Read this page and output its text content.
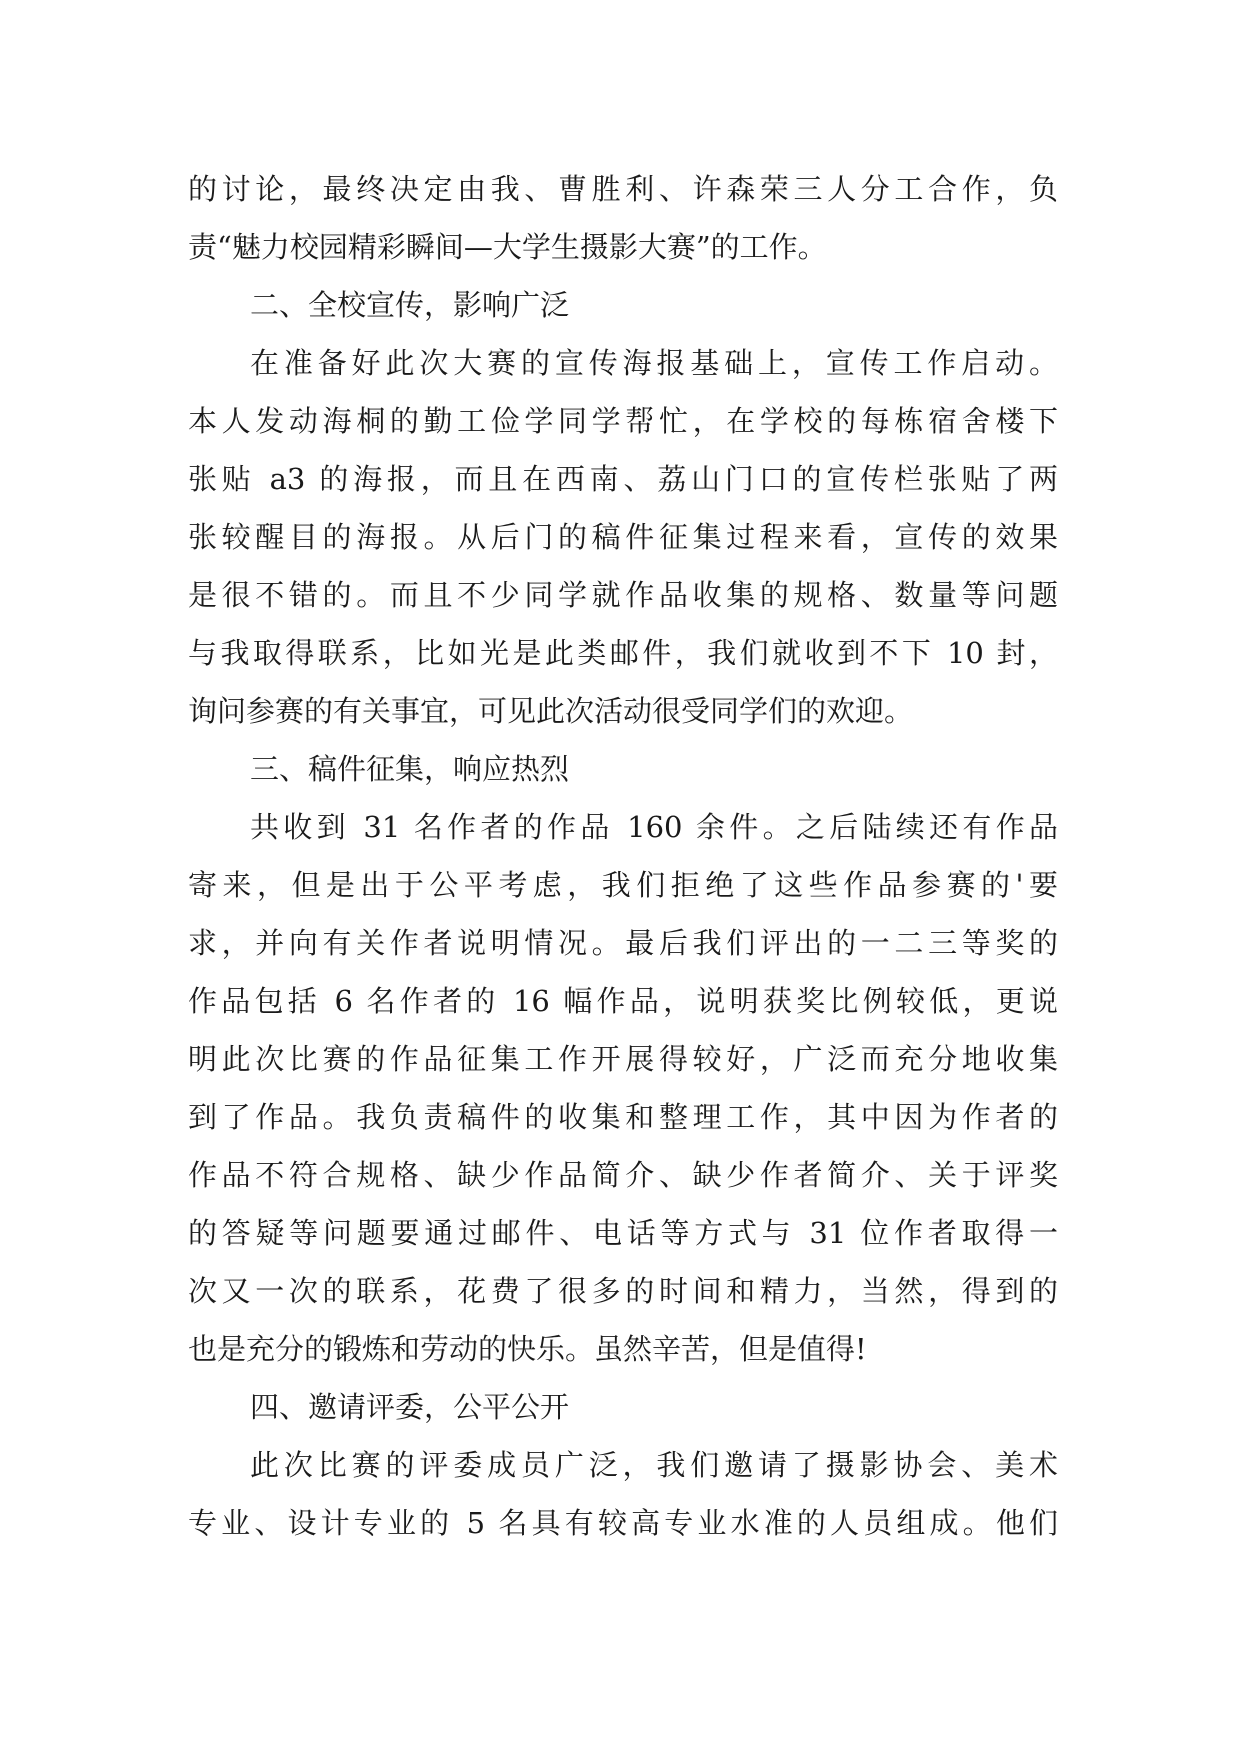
的讨论，最终决定由我、曹胜利、许森荣三人分工合作，负
责“魅力校园精彩瞬间—大学生摄影大赛”的工作。
二、全校宣传，影响广泛
在准备好此次大赛的宣传海报基础上，宣传工作启动。
本人发动海桐的勤工俭学同学帮忙，在学校的每栋宿舍楼下
张贴 a3 的海报，而且在西南、荔山门口的宣传栏张贴了两
张较醒目的海报。从后门的稿件征集过程来看，宣传的效果
是很不错的。而且不少同学就作品收集的规格、数量等问题
与我取得联系，比如光是此类邮件，我们就收到不下 10 封，
询问参赛的有关事宜，可见此次活动很受同学们的欢迎。
三、稿件征集，响应热烈
共收到 31 名作者的作品 160 余件。之后陆续还有作品
寄来，但是出于公平考虑，我们拒绝了这些作品参赛的'要
求，并向有关作者说明情况。最后我们评出的一二三等奖的
作品包括 6 名作者的 16 幅作品，说明获奖比例较低，更说
明此次比赛的作品征集工作开展得较好，广泛而充分地收集
到了作品。我负责稿件的收集和整理工作，其中因为作者的
作品不符合规格、缺少作品简介、缺少作者简介、关于评奖
的答疑等问题要通过邮件、电话等方式与 31 位作者取得一
次又一次的联系，花费了很多的时间和精力，当然，得到的
也是充分的锻炼和劳动的快乐。虽然辛苦，但是值得!
四、邀请评委，公平公开
此次比赛的评委成员广泛，我们邀请了摄影协会、美术
专业、设计专业的 5 名具有较高专业水准的人员组成。他们
